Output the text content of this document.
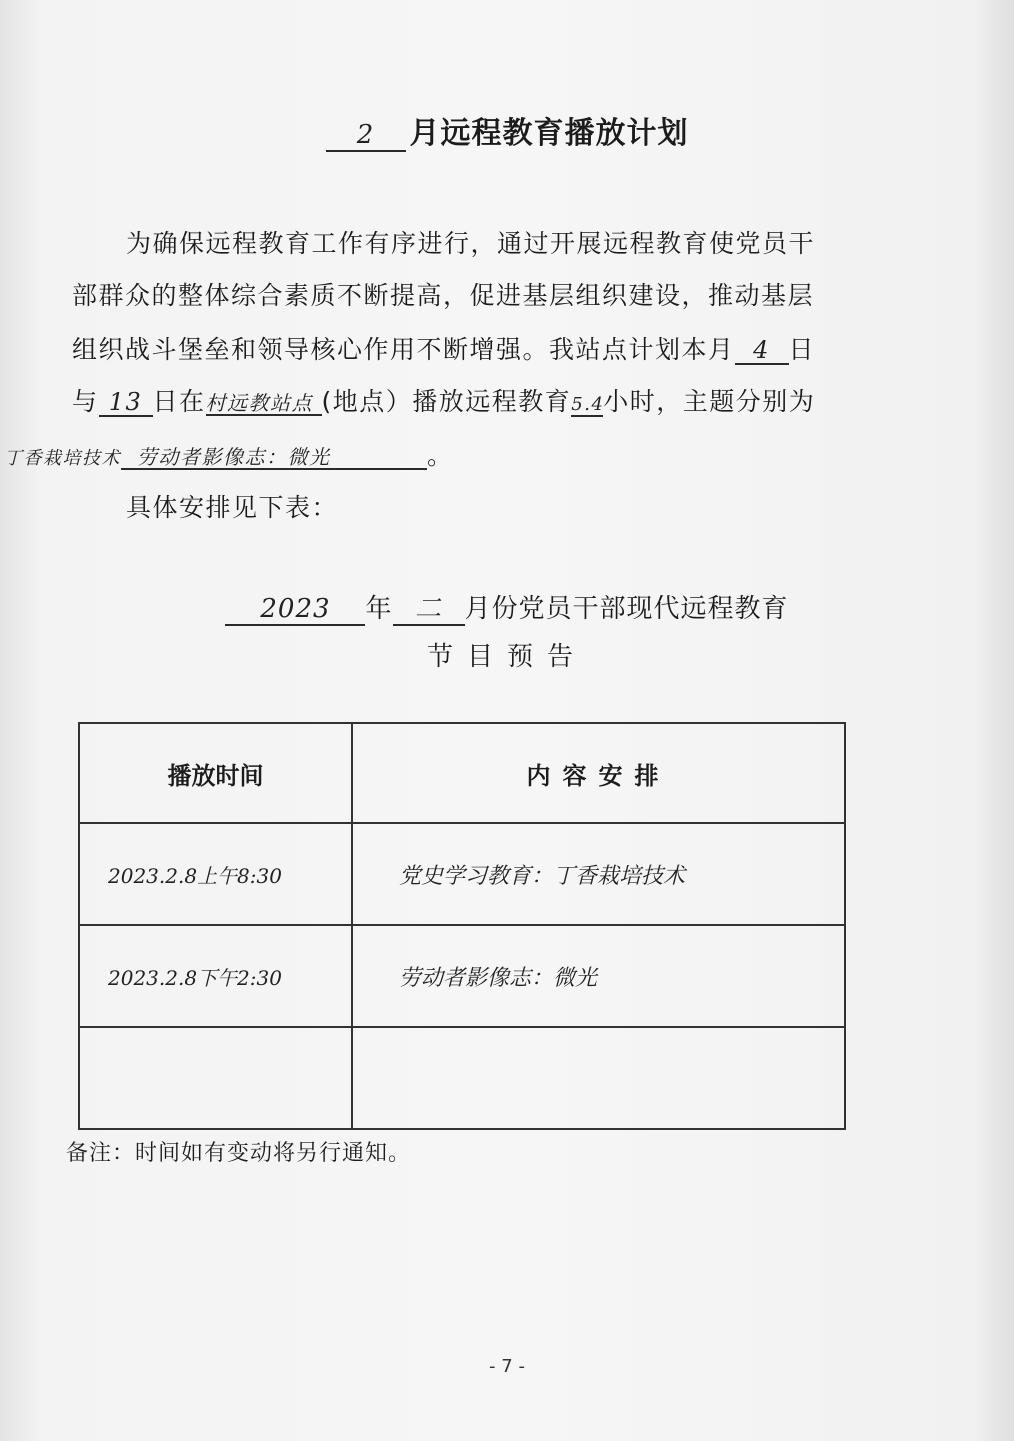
2 月远程教育播放计划
为确保远程教育工作有序进行，通过开展远程教育使党员干
部群众的整体综合素质不断提高，促进基层组织建设，推动基层
组织战斗堡垒和领导核心作用不断增强。我站点计划本月 4 日
与 13 日在村远教站点 (地点）播放远程教育5.4小时，主题分别为
丁香栽培技术 劳动者影像志：微光	。
具体安排见下表：
2023 年 二 月份党员干部现代远程教育
节目预告
播放时间	内容安排
2023.2.8上午8:30	党史学习教育：丁香栽培技术
2023.2.8下午2:30	劳动者影像志：微光

备注：时间如有变动将另行通知。
- 7 -
